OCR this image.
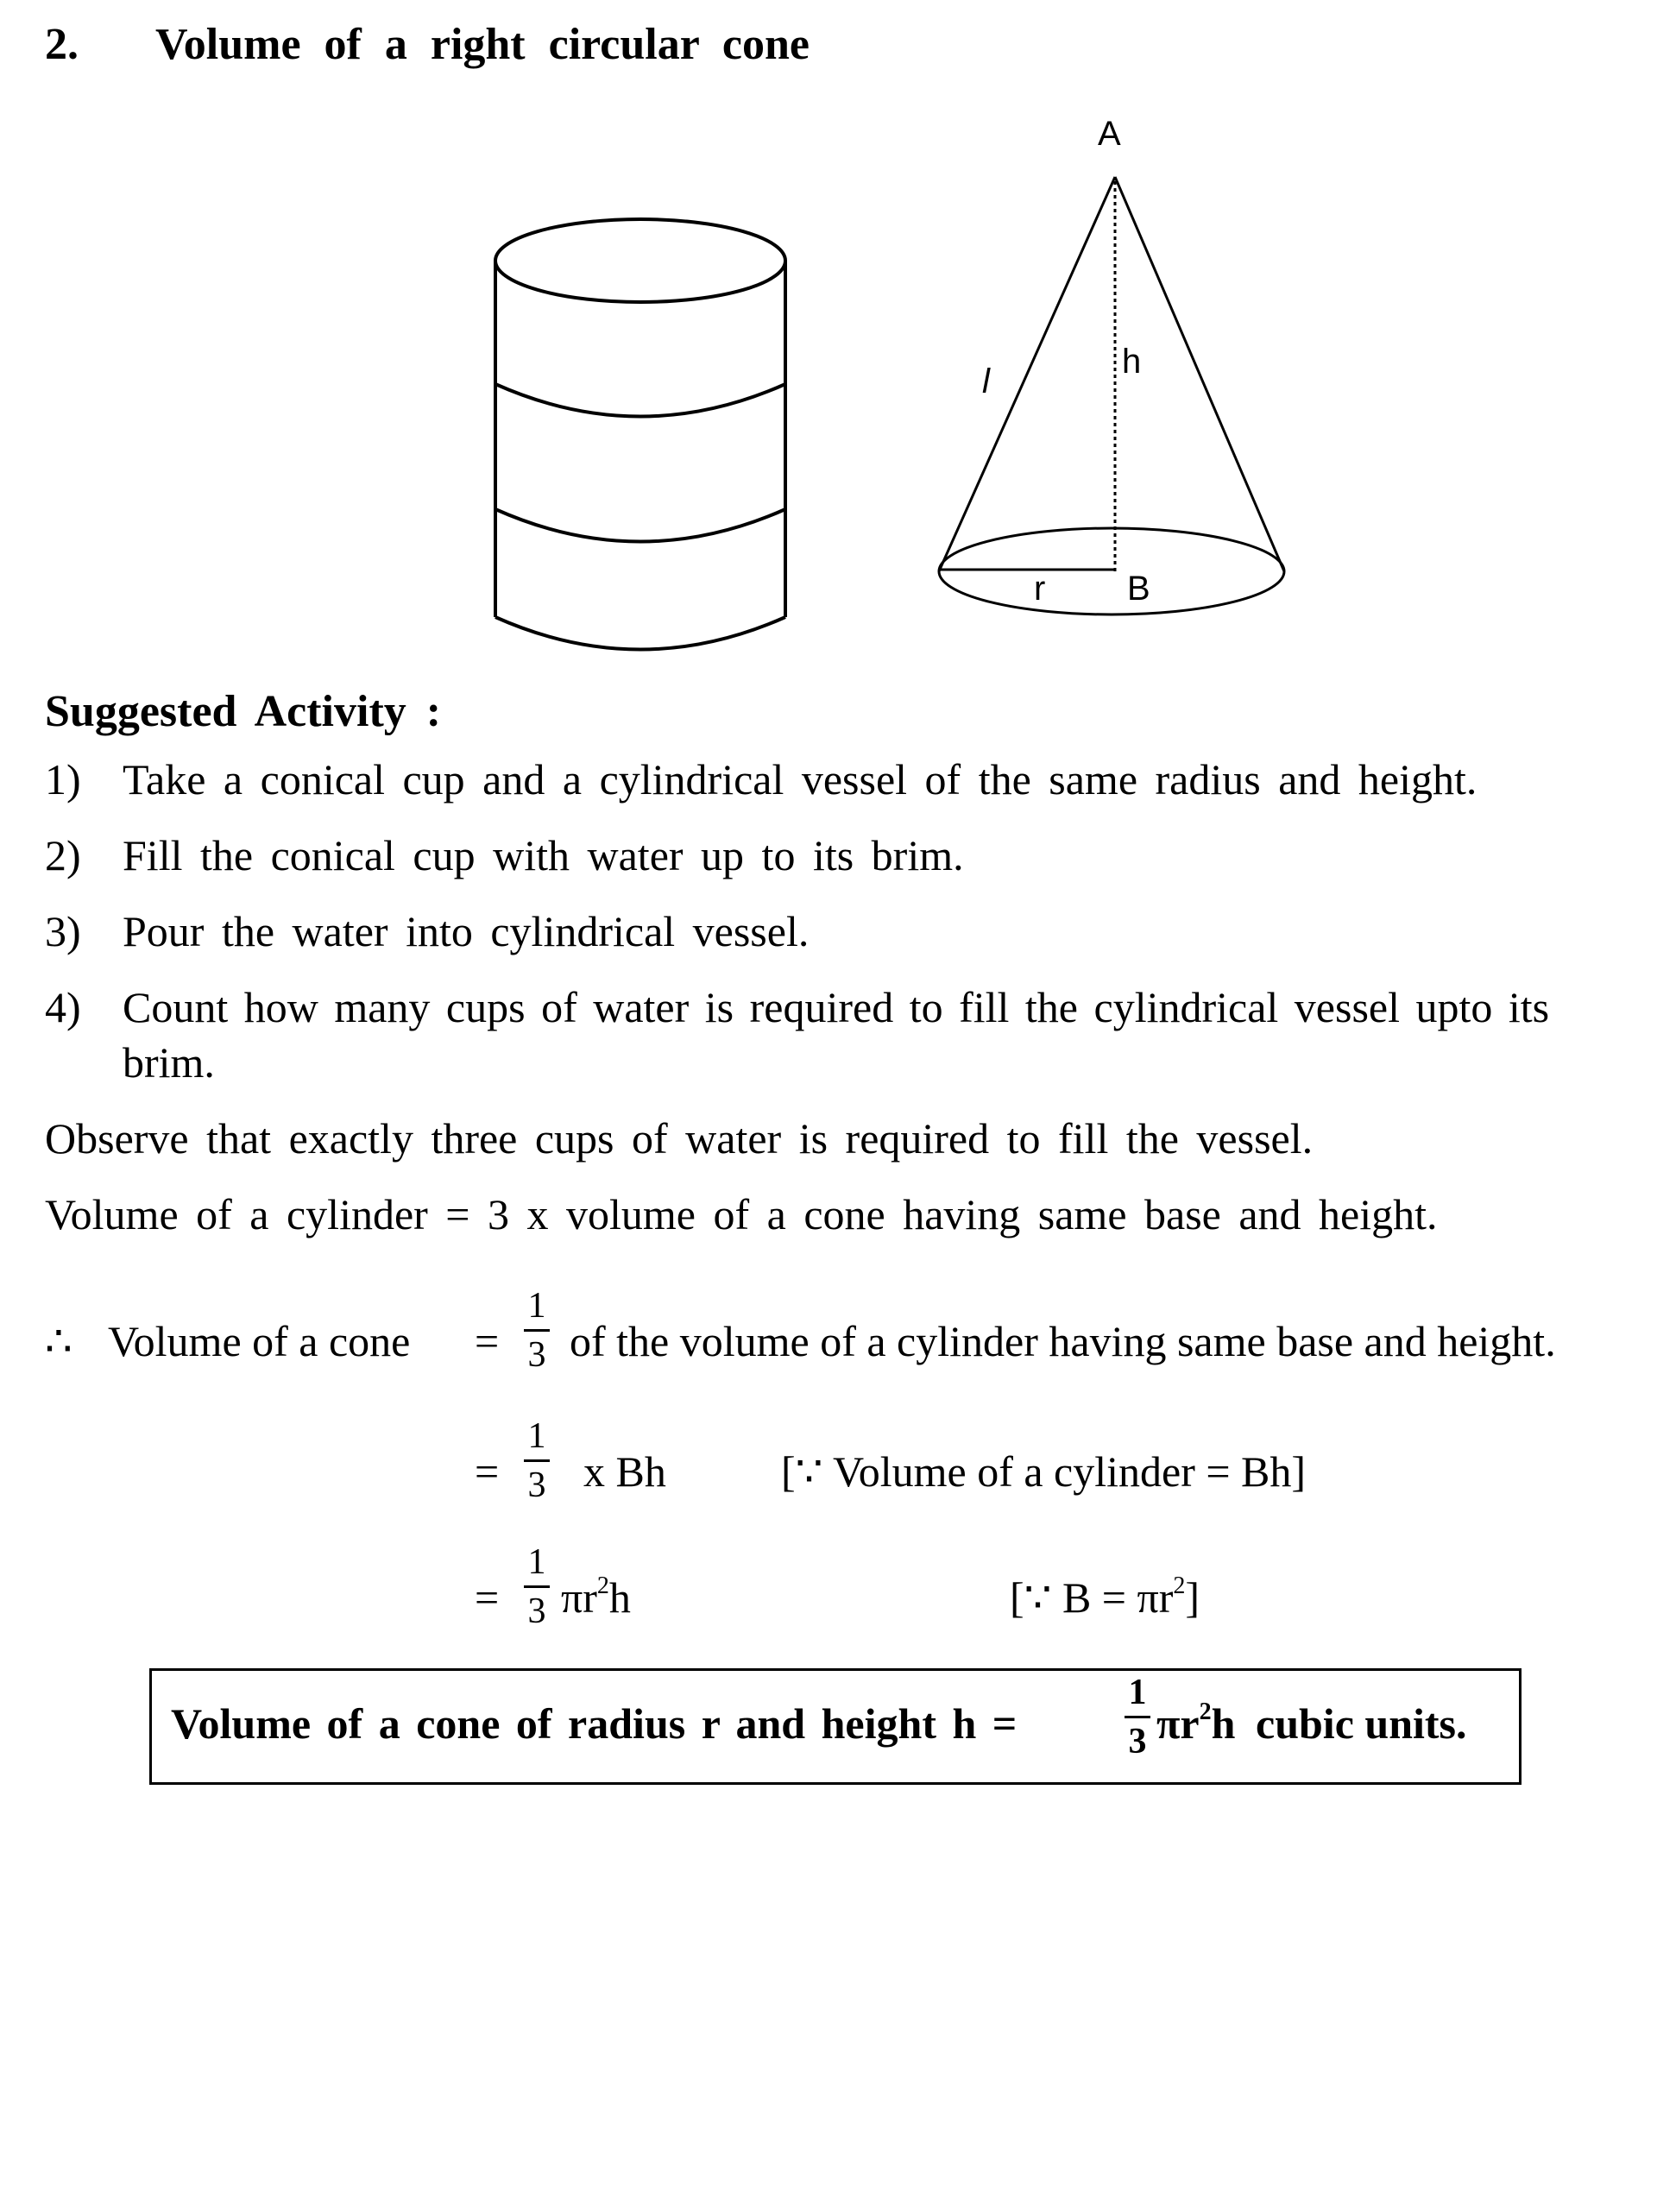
2. Volume of a right circular cone
A
h
l
r B
Suggested Activity :
1) Take a conical cup and a cylindrical vessel of the same radius and height.
2) Fill the conical cup with water up to its brim.
3) Pour the water into cylindrical vessel.
4) Count how many cups of water is required to fill the cylindrical vessel upto its
brim.
Observe that exactly three cups of water is required to fill the vessel.
Volume of a cylinder = 3 x volume of a cone having same base and height.
∴ Volume of a cone =
1
3 of the volume of a cylinder having same base and height.
=
1
3 x Bh	[∵ Volume of a cylinder = Bh]
=
1
3 $\pi r^2h$	[∵ $B = \pi r^2$]
Volume of a cone of radius r and height h =
1
3 $\pi r^2h$ cubic units.
